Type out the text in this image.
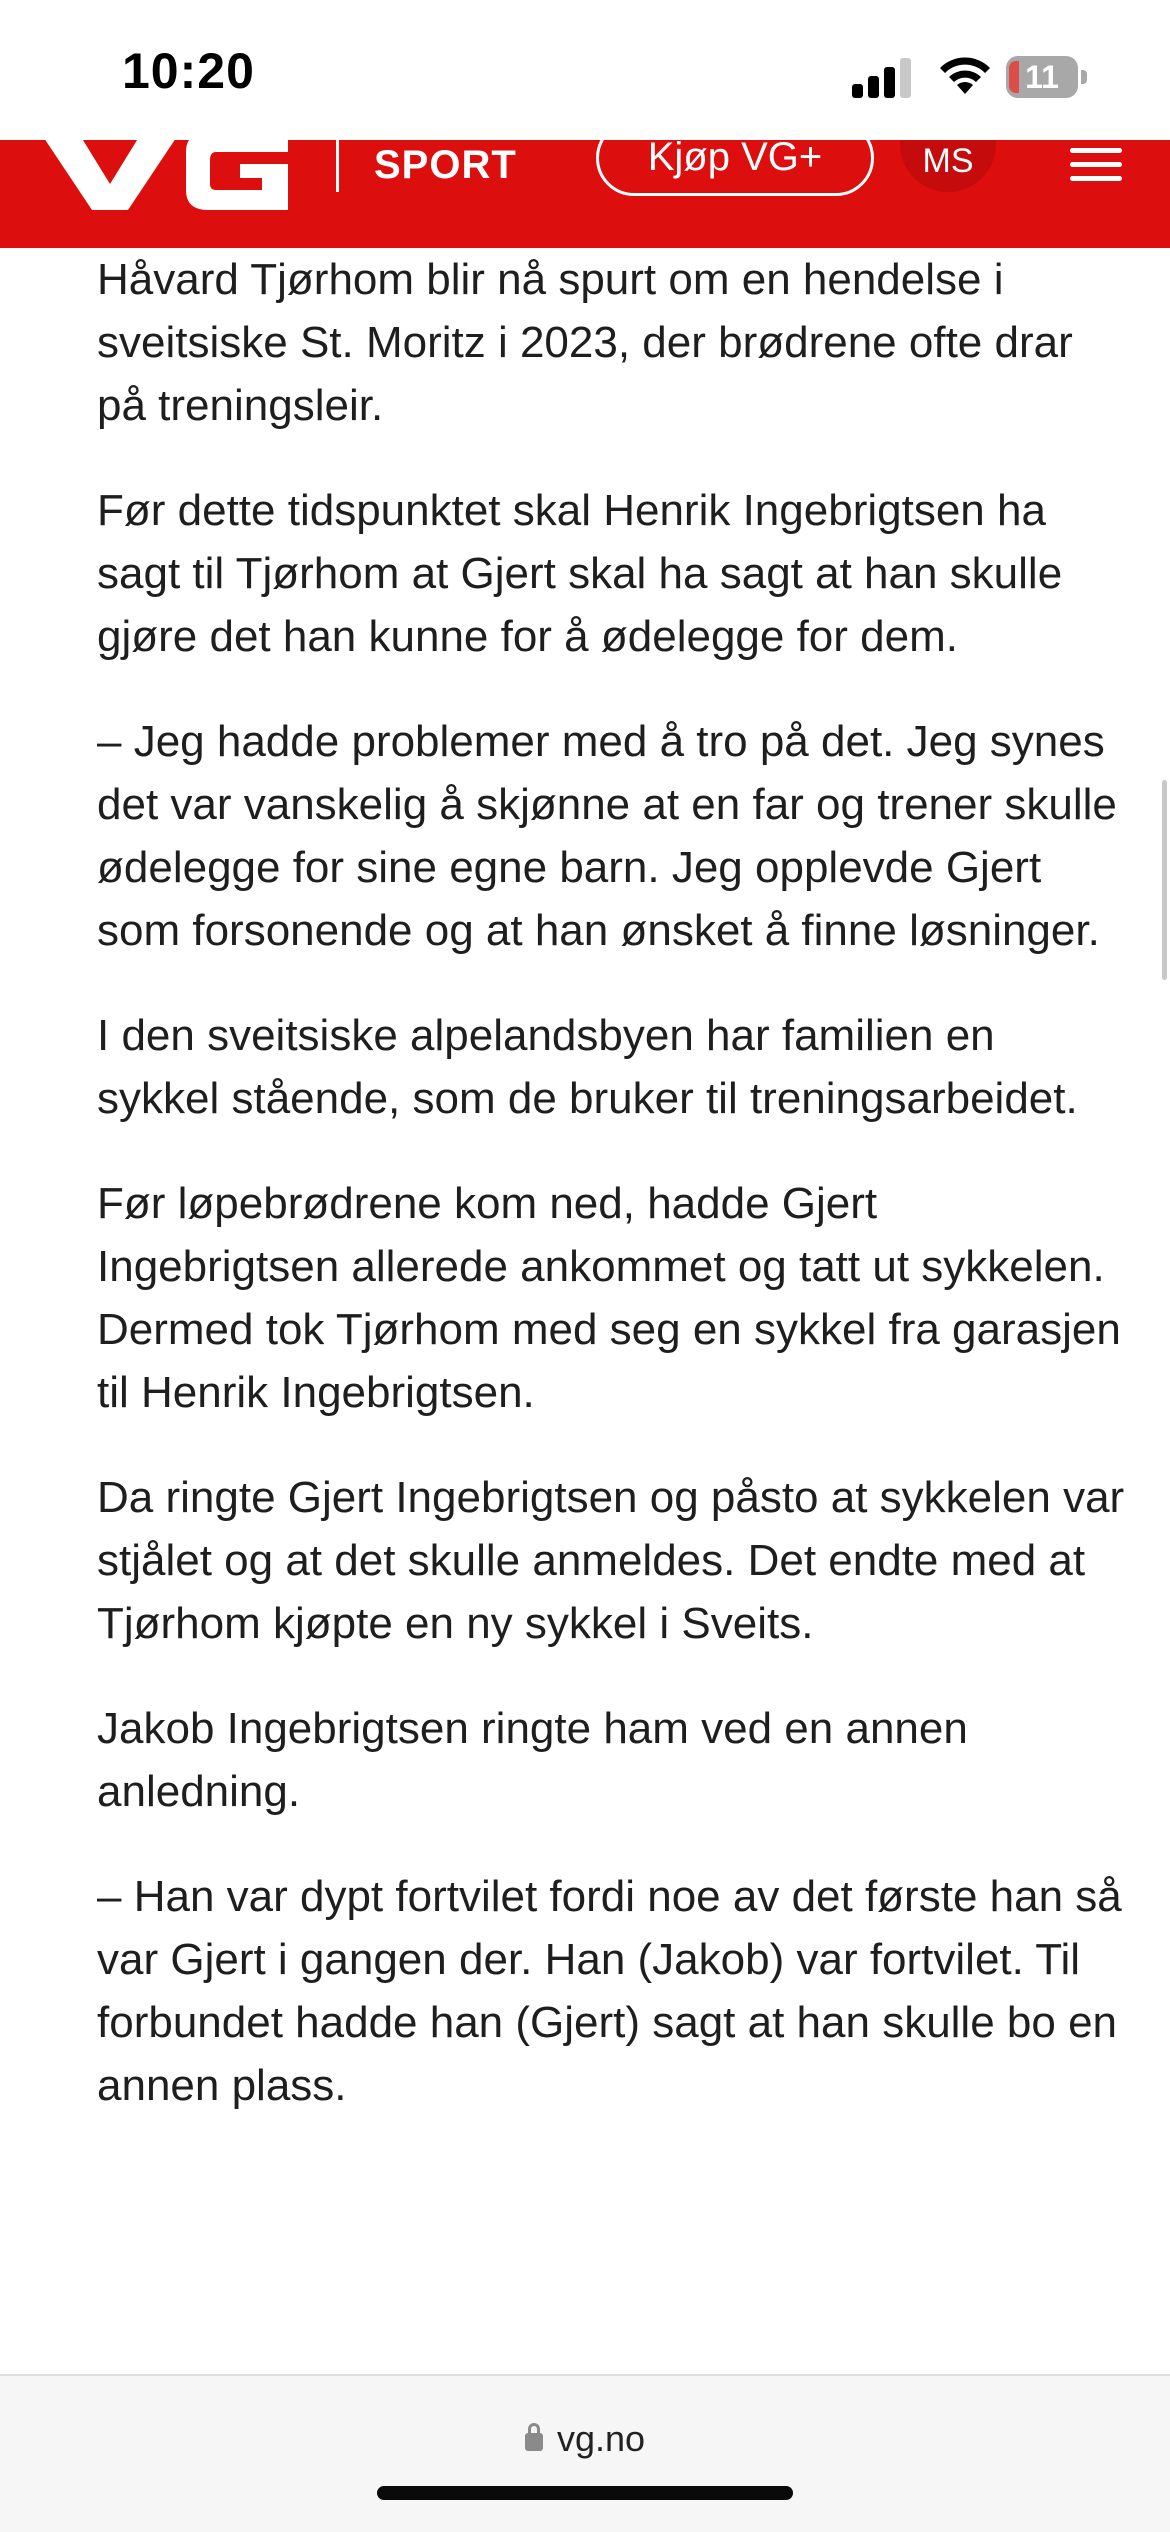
10:20	11
SPORT	Kjøp VG+	MS

Håvard Tjørhom blir nå spurt om en hendelse i sveitsiske St. Moritz i 2023, der brødrene ofte drar på treningsleir.

Før dette tidspunktet skal Henrik Ingebrigtsen ha sagt til Tjørhom at Gjert skal ha sagt at han skulle gjøre det han kunne for å ødelegge for dem.

– Jeg hadde problemer med å tro på det. Jeg synes det var vanskelig å skjønne at en far og trener skulle ødelegge for sine egne barn. Jeg opplevde Gjert som forsonende og at han ønsket å finne løsninger.

I den sveitsiske alpelandsbyen har familien en sykkel stående, som de bruker til treningsarbeidet.

Før løpebrødrene kom ned, hadde Gjert Ingebrigtsen allerede ankommet og tatt ut sykkelen. Dermed tok Tjørhom med seg en sykkel fra garasjen til Henrik Ingebrigtsen.

Da ringte Gjert Ingebrigtsen og påsto at sykkelen var stjålet og at det skulle anmeldes. Det endte med at Tjørhom kjøpte en ny sykkel i Sveits.

Jakob Ingebrigtsen ringte ham ved en annen anledning.

– Han var dypt fortvilet fordi noe av det første han så var Gjert i gangen der. Han (Jakob) var fortvilet. Til forbundet hadde han (Gjert) sagt at han skulle bo en annen plass.

vg.no
